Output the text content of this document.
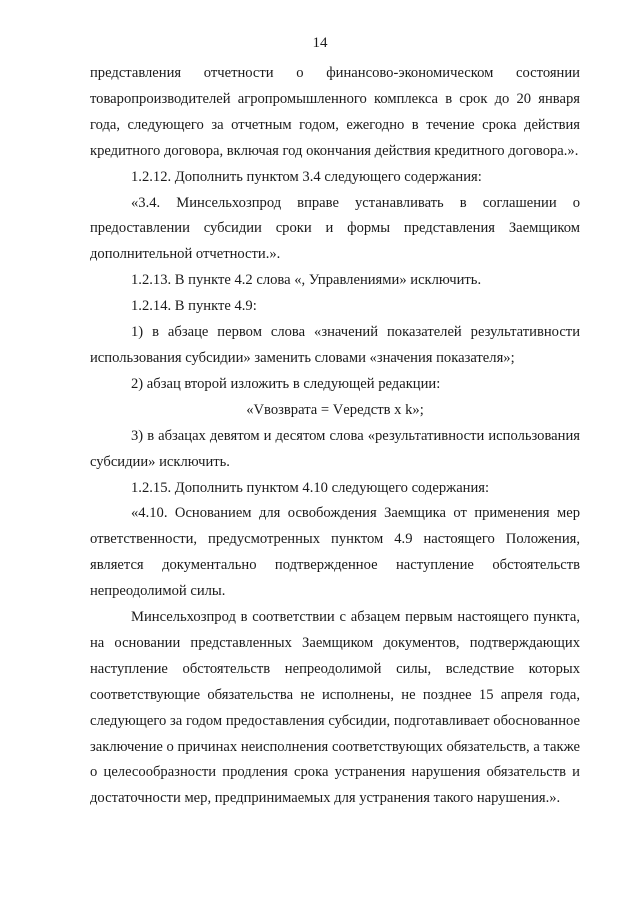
14

представления отчетности о финансово-экономическом состоянии товаропроизводителей агропромышленного комплекса в срок до 20 января года, следующего за отчетным годом, ежегодно в течение срока действия кредитного договора, включая год окончания действия кредитного договора.».

1.2.12. Дополнить пунктом 3.4 следующего содержания:

«3.4. Минсельхозпрод вправе устанавливать в соглашении о предоставлении субсидии сроки и формы представления Заемщиком дополнительной отчетности.».

1.2.13. В пункте 4.2 слова «, Управлениями» исключить.

1.2.14. В пункте 4.9:

1) в абзаце первом слова «значений показателей результативности использования субсидии» заменить словами «значения показателя»;

2) абзац второй изложить в следующей редакции:

«Vвозврата = Vередств x k»;

3) в абзацах девятом и десятом слова «результативности использования субсидии» исключить.

1.2.15. Дополнить пунктом 4.10 следующего содержания:

«4.10. Основанием для освобождения Заемщика от применения мер ответственности, предусмотренных пунктом 4.9 настоящего Положения, является документально подтвержденное наступление обстоятельств непреодолимой силы.

Минсельхозпрод в соответствии с абзацем первым настоящего пункта, на основании представленных Заемщиком документов, подтверждающих наступление обстоятельств непреодолимой силы, вследствие которых соответствующие обязательства не исполнены, не позднее 15 апреля года, следующего за годом предоставления субсидии, подготавливает обоснованное заключение о причинах неисполнения соответствующих обязательств, а также о целесообразности продления срока устранения нарушения обязательств и достаточности мер, предпринимаемых для устранения такого нарушения.».
